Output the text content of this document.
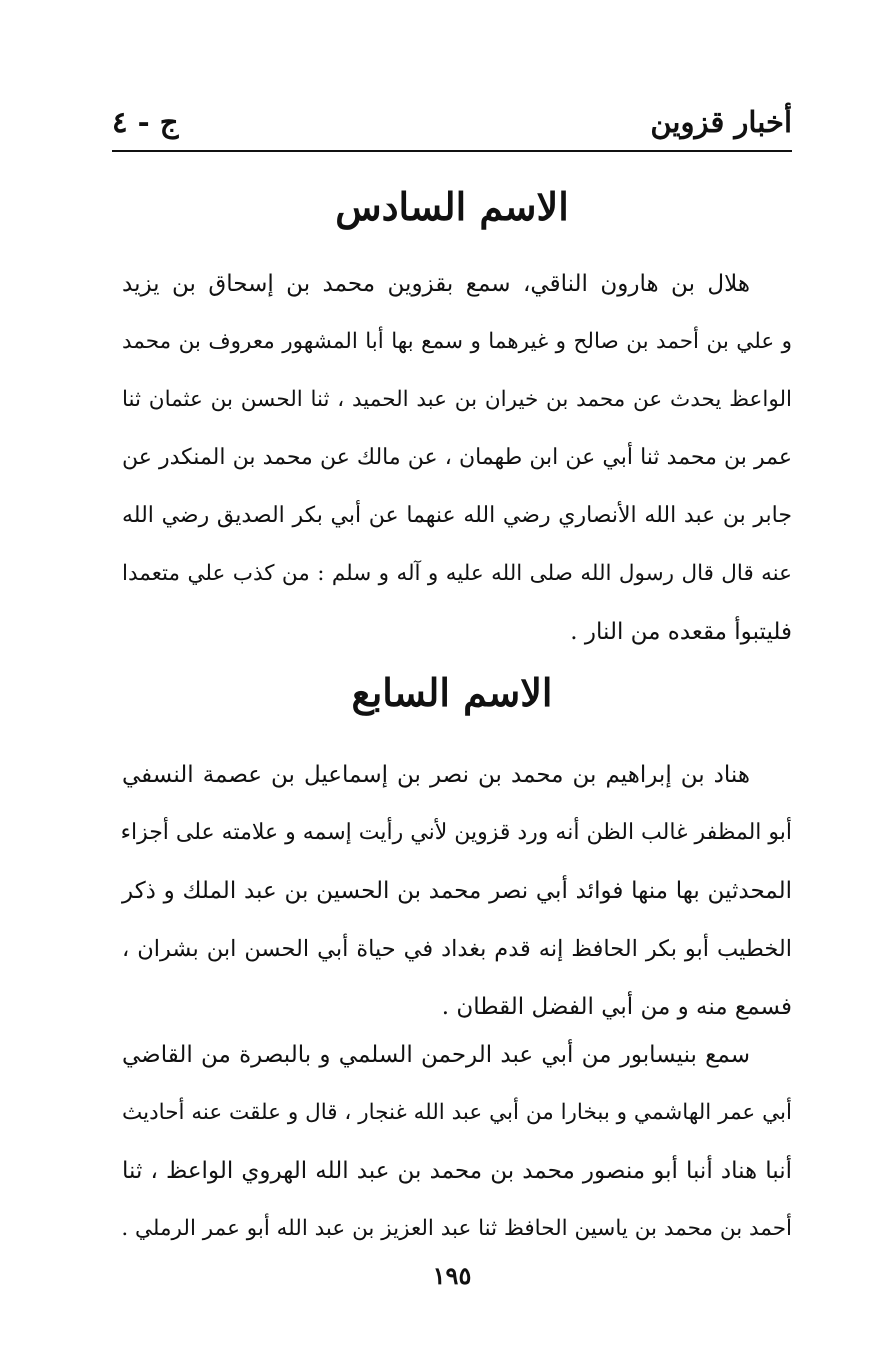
أخبار قزوين
ج - ٤
الاسم السادس
هلال بن هارون الناقي، سمع بقزوين محمد بن إسحاق بن يزيد
و علي بن أحمد بن صالح و غيرهما و سمع بها أبا المشهور معروف بن محمد
الواعظ يحدث عن محمد بن خيران بن عبد الحميد ، ثنا الحسن بن عثمان ثنا
عمر بن محمد ثنا أبي عن ابن طهمان ، عن مالك عن محمد بن المنكدر عن
جابر بن عبد الله الأنصاري رضي الله عنهما عن أبي بكر الصديق رضي الله
عنه قال قال رسول الله صلى الله عليه و آله و سلم : من كذب علي متعمدا
فليتبوأ مقعده من النار .
الاسم السابع
هناد بن إبراهيم بن محمد بن نصر بن إسماعيل بن عصمة النسفي
أبو المظفر غالب الظن أنه ورد قزوين لأني رأيت إسمه و علامته على أجزاء
المحدثين بها منها فوائد أبي نصر محمد بن الحسين بن عبد الملك و ذكر
الخطيب أبو بكر الحافظ إنه قدم بغداد في حياة أبي الحسن ابن بشران ،
فسمع منه و من أبي الفضل القطان .
سمع بنيسابور من أبي عبد الرحمن السلمي و بالبصرة من القاضي
أبي عمر الهاشمي و ببخارا من أبي عبد الله غنجار ، قال و علقت عنه أحاديث
أنبا هناد أنبا أبو منصور محمد بن محمد بن عبد الله الهروي الواعظ ، ثنا
أحمد بن محمد بن ياسين الحافظ ثنا عبد العزيز بن عبد الله أبو عمر الرملي .
١٩٥
